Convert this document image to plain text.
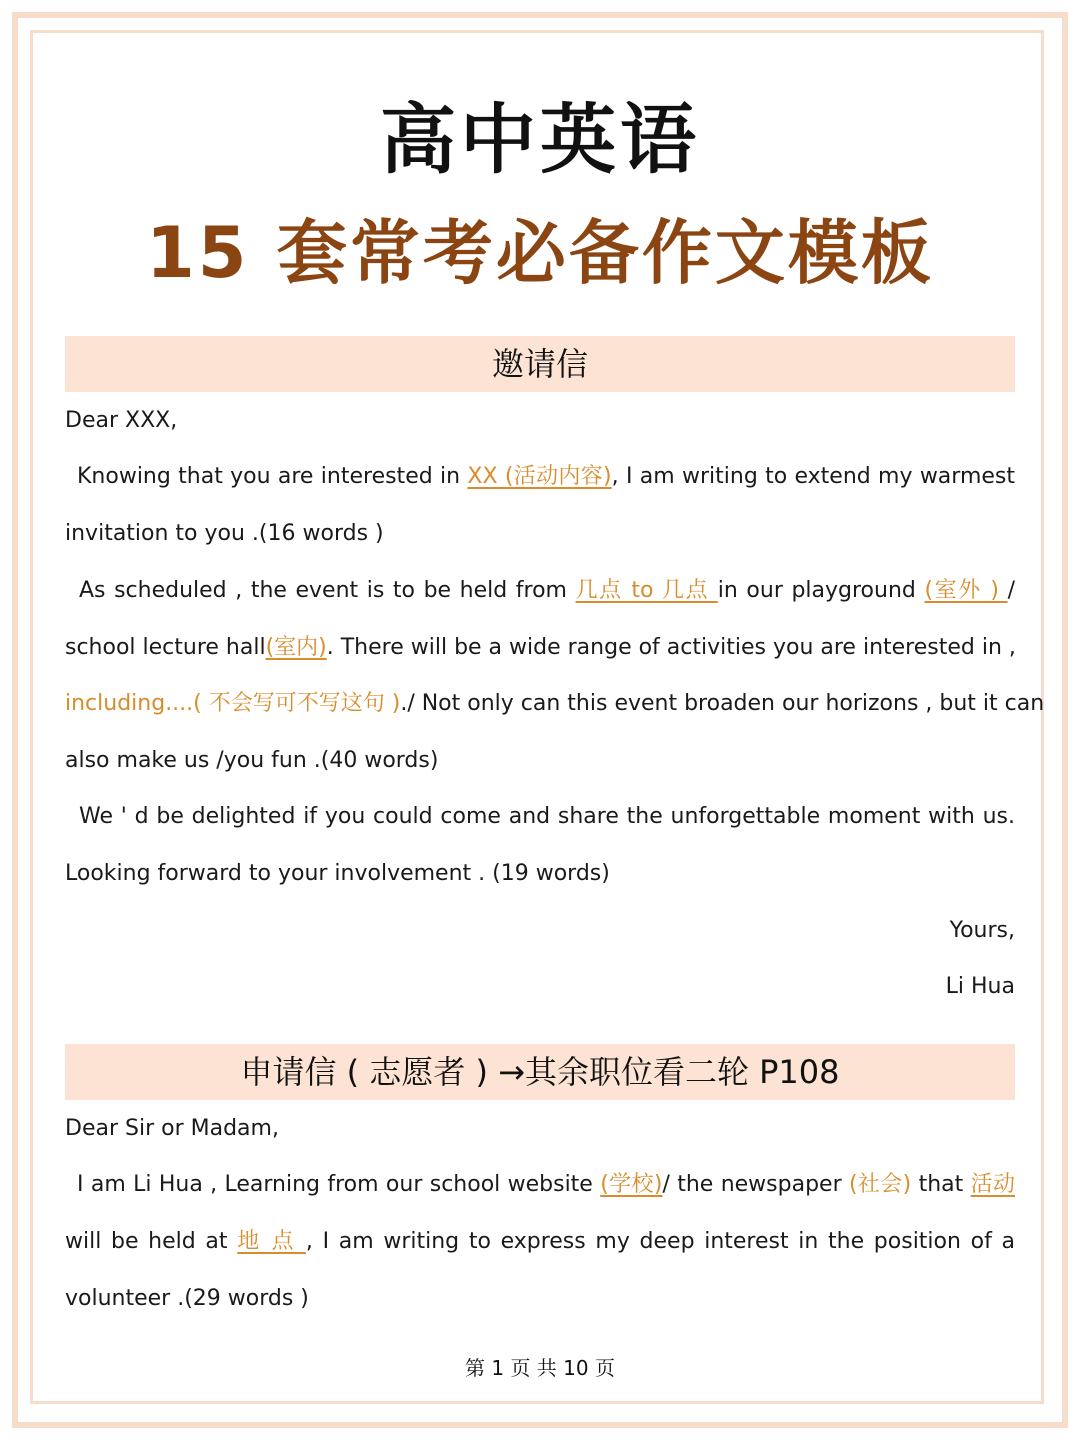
高中英语
15 套常考必备作文模板
邀请信
Dear XXX,
Knowing that you are interested in XX (活动内容), I am writing to extend my warmest
invitation to you .(16 words )
As scheduled , the event is to be held from 几点 to 几点 in our playground (室外 ) /
school lecture hall(室内). There will be a wide range of activities you are interested in ,
including....( 不会写可不写这句 )./ Not only can this event broaden our horizons , but it can
also make us /you fun .(40 words)
We ' d be delighted if you could come and share the unforgettable moment with us.
Looking forward to your involvement . (19 words)
Yours,
Li Hua
申请信 ( 志愿者 ) →其余职位看二轮 P108
Dear Sir or Madam,
I am Li Hua , Learning from our school website (学校)/ the newspaper (社会) that 活动
will be held at 地 点 , I am writing to express my deep interest in the position of a
volunteer .(29 words )
第 1 页 共 10 页
